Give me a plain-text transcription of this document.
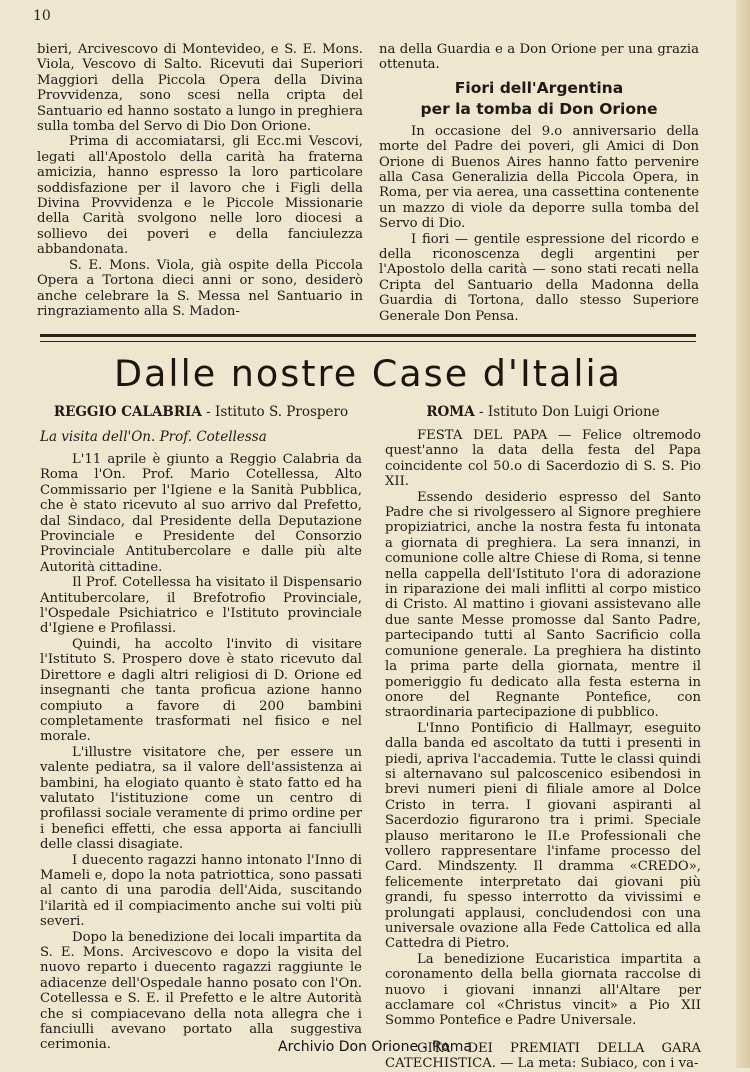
10

bieri, Arcivescovo di Montevideo, e S. E. Mons. Viola, Vescovo di Salto. Ricevuti dai Superiori Maggiori della Piccola Opera della Divina Provvidenza, sono scesi nella cripta del Santuario ed hanno sostato a lungo in preghiera sulla tomba del Servo di Dio Don Orione.

Prima di accomiatarsi, gli Ecc.mi Vescovi, legati all'Apostolo della carità ha fraterna amicizia, hanno espresso la loro particolare soddisfazione per il lavoro che i Figli della Divina Provvidenza e le Piccole Missionarie della Carità svolgono nelle loro diocesi a sollievo dei poveri e della fanciulezza abbandonata.

S. E. Mons. Viola, già ospite della Piccola Opera a Tortona dieci anni or sono, desiderò anche celebrare la S. Messa nel Santuario in ringraziamento alla S. Madon-

na della Guardia e a Don Orione per una grazia ottenuta.

Fiori dell'Argentina
per la tomba di Don Orione

In occasione del 9.o anniversario della morte del Padre dei poveri, gli Amici di Don Orione di Buenos Aires hanno fatto pervenire alla Casa Generalizia della Piccola Opera, in Roma, per via aerea, una cassettina contenente un mazzo di viole da deporre sulla tomba del Servo di Dio.

I fiori — gentile espressione del ricordo e della riconoscenza degli argentini per l'Apostolo della carità — sono stati recati nella Cripta del Santuario della Madonna della Guardia di Tortona, dallo stesso Superiore Generale Don Pensa.

Dalle nostre Case d'Italia
REGGIO CALABRIA - Istituto S. Prospero
La visita dell'On. Prof. Cotellessa

L'11 aprile è giunto a Reggio Calabria da Roma l'On. Prof. Mario Cotellessa, Alto Commissario per l'Igiene e la Sanità Pubblica, che è stato ricevuto al suo arrivo dal Prefetto, dal Sindaco, dal Presidente della Deputazione Provinciale e Presidente del Consorzio Provinciale Antitubercolare e dalle più alte Autorità cittadine.

Il Prof. Cotellessa ha visitato il Dispensario Antitubercolare, il Brefotrofio Provinciale, l'Ospedale Psichiatrico e l'Istituto provinciale d'Igiene e Profilassi.

Quindi, ha accolto l'invito di visitare l'Istituto S. Prospero dove è stato ricevuto dal Direttore e dagli altri religiosi di D. Orione ed insegnanti che tanta proficua azione hanno compiuto a favore di 200 bambini completamente trasformati nel fisico e nel morale.

L'illustre visitatore che, per essere un valente pediatra, sa il valore dell'assistenza ai bambini, ha elogiato quanto è stato fatto ed ha valutato l'istituzione come un centro di profilassi sociale veramente di primo ordine per i benefici effetti, che essa apporta ai fanciulli delle classi disagiate.

I duecento ragazzi hanno intonato l'Inno di Mameli e, dopo la nota patriottica, sono passati al canto di una parodia dell'Aida, suscitando l'ilarità ed il compiacimento anche sui volti più severi.

Dopo la benedizione dei locali impartita da S. E. Mons. Arcivescovo e dopo la visita del nuovo reparto i duecento ragazzi raggiunte le adiacenze dell'Ospedale hanno posato con l'On. Cotellessa e S. E. il Prefetto e le altre Autorità che si compiacevano della nota allegra che i fanciulli avevano portato alla suggestiva cerimonia.

ROMA - Istituto Don Luigi Orione

FESTA DEL PAPA — Felice oltremodo quest'anno la data della festa del Papa coincidente col 50.o di Sacerdozio di S. S. Pio XII.

Essendo desiderio espresso del Santo Padre che si rivolgessero al Signore preghiere propiziatrici, anche la nostra festa fu intonata a giornata di preghiera. La sera innanzi, in comunione colle altre Chiese di Roma, si tenne nella cappella dell'Istituto l'ora di adorazione in riparazione dei mali inflitti al corpo mistico di Cristo. Al mattino i giovani assistevano alle due sante Messe promosse dal Santo Padre, partecipando tutti al Santo Sacrificio colla comunione generale. La preghiera ha distinto la prima parte della giornata, mentre il pomeriggio fu dedicato alla festa esterna in onore del Regnante Pontefice, con straordinaria partecipazione di pubblico.

L'Inno Pontificio di Hallmayr, eseguito dalla banda ed ascoltato da tutti i presenti in piedi, apriva l'accademia. Tutte le classi quindi si alternavano sul palcoscenico esibendosi in brevi numeri pieni di filiale amore al Dolce Cristo in terra. I giovani aspiranti al Sacerdozio figurarono tra i primi. Speciale plauso meritarono le II.e Professionali che vollero rappresentare l'infame processo del Card. Mindszenty. Il dramma «CREDO», felicemente interpretato dai giovani più grandi, fu spesso interrotto da vivissimi e prolungati applausi, concludendosi con una universale ovazione alla Fede Cattolica ed alla Cattedra di Pietro.

La benedizione Eucaristica impartita a coronamento della bella giornata raccolse di nuovo i giovani innanzi all'Altare per acclamare col «Christus vincit» a Pio XII Sommo Pontefice e Padre Universale.

GITA DEI PREMIATI DELLA GARA CATECHISTICA. — La meta: Subiaco, con i va-

Archivio Don Orione - Roma
